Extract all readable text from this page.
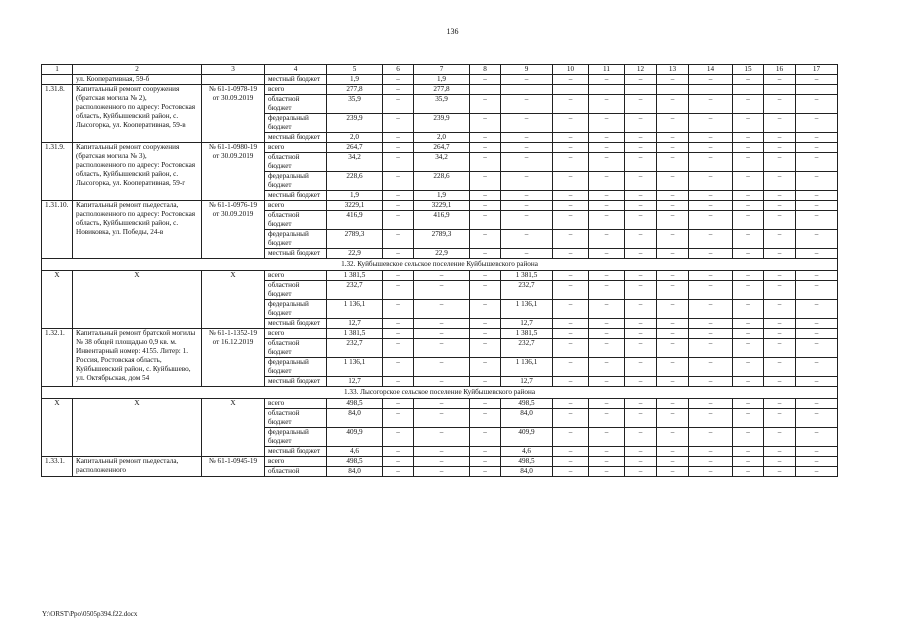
136
1	2	3	4	5	6	7	8	9	10	11	12	13	14	15	16	17
	ул. Кооперативная, 59-б		местный бюджет	1,9	–	1,9	–	–	–	–	–	–	–	–	–	–
1.31.8.	Капитальный ремонт сооружения (братская могила № 2), расположенного по адресу: Ростовская область, Куйбышевский район, с. Лысогорка, ул. Кооперативная, 59-в	№ 61-1-0978-19 от 30.09.2019	всего	277,8	–	277,8										
			областной бюджет	35,9	–	35,9	–	–	–	–	–	–	–	–	–	–
			федеральный бюджет	239,9	–	239,9	–	–	–	–	–	–	–	–	–	–
			местный бюджет	2,0	–	2,0	–	–	–	–	–	–	–	–	–	–
1.31.9.	Капитальный ремонт сооружения (братская могила № 3), расположенного по адресу: Ростовская область, Куйбышевский район, с. Лысогорка, ул. Кооперативная, 59-г	№ 61-1-0980-19 от 30.09.2019	всего	264,7	–	264,7	–	–	–	–	–	–	–	–	–	–
			областной бюджет	34,2	–	34,2	–	–	–	–	–	–	–	–	–	–
			федеральный бюджет	228,6	–	228,6	–	–	–	–	–	–	–	–	–	–
			местный бюджет	1,9	–	1,9	–	–	–	–	–	–	–	–	–	–
1.31.10.	Капитальный ремонт пьедестала, расположенного по адресу: Ростовская область, Куйбышевский район, с. Новиковка, ул. Победы, 24-в	№ 61-1-0976-19 от 30.09.2019	всего	3229,1	–	3229,1	–	–	–	–	–	–	–	–	–	–
			областной бюджет	416,9	–	416,9	–	–	–	–	–	–	–	–	–	–
			федеральный бюджет	2789,3	–	2789,3	–	–	–	–	–	–	–	–	–	–
			местный бюджет	22,9	–	22,9	–	–	–	–	–	–	–	–	–	–
1.32. Куйбышевское сельское поселение Куйбышевского района																
X	X	X	всего	1 381,5	–	–	–	1 381,5	–	–	–	–	–	–	–	–
			областной бюджет	232,7	–	–	–	232,7	–	–	–	–	–	–	–	–
			федеральный бюджет	1 136,1	–	–	–	1 136,1	–	–	–	–	–	–	–	–
			местный бюджет	12,7	–	–	–	12,7	–	–	–	–	–	–	–	–
1.32.1.	Капитальный ремонт братской могилы № 38 общей площадью 0,9 кв. м. Инвентарный номер: 4155. Литер: 1. Россия, Ростовская область, Куйбышевский район, с. Куйбышево, ул. Октябрьская, дом 54	№ 61-1-1352-19 от 16.12.2019	всего	1 381,5	–	–	–	1 381,5	–	–	–	–	–	–	–	–
			областной бюджет	232,7	–	–	–	232,7	–	–	–	–	–	–	–	–
			федеральный бюджет	1 136,1	–	–	–	1 136,1	–	–	–	–	–	–	–	–
			местный бюджет	12,7	–	–	–	12,7	–	–	–	–	–	–	–	–
1.33. Лысогорское сельское поселение Куйбышевского района																
X	X	X	всего	498,5	–	–	–	498,5	–	–	–	–	–	–	–	–
			областной бюджет	84,0	–	–	–	84,0	–	–	–	–	–	–	–	–
			федеральный бюджет	409,9	–	–	–	409,9	–	–	–	–	–	–	–	–
			местный бюджет	4,6	–	–	–	4,6	–	–	–	–	–	–	–	–
1.33.1.	Капитальный ремонт пьедестала, расположенного	№ 61-1-0945-19	всего	498,5	–	–	–	498,5	–	–	–	–	–	–	–	–
			областной	84,0	–	–	–	84,0	–	–	–	–	–	–	–	–
Y:\ORST\Ppo\0505p394.f22.docx
